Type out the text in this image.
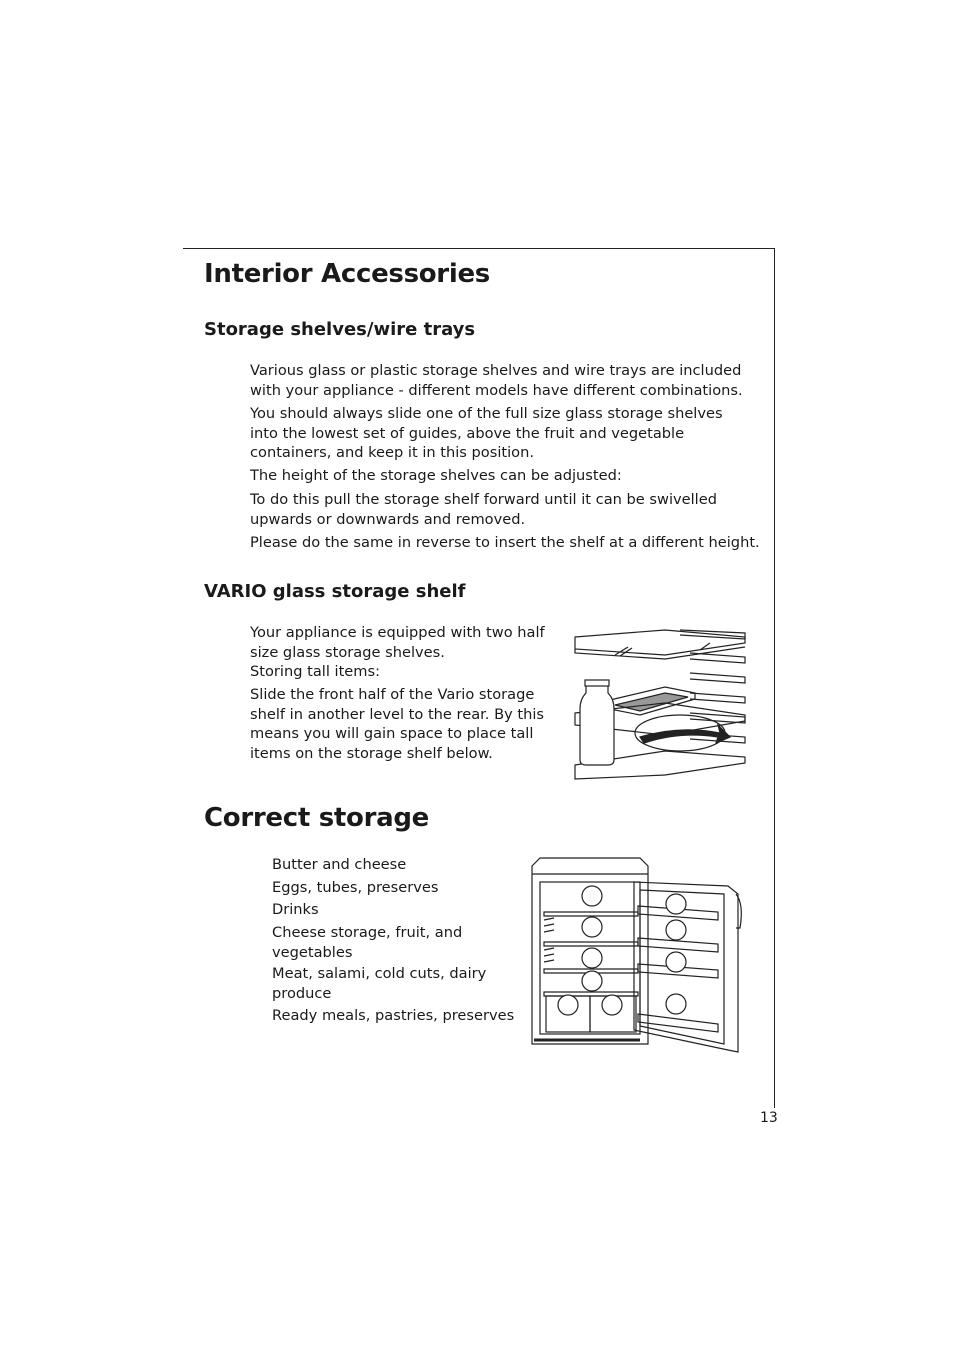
Interior Accessories
Storage shelves/wire trays

Various glass or plastic storage shelves and wire trays are included with your appliance - different models have different combinations.

You should always slide one of the full size glass storage shelves into the lowest set of guides, above the fruit and vegetable containers, and keep it in this position.

The height of the storage shelves can be adjusted:

To do this pull the storage shelf forward until it can be swivelled upwards or downwards and removed.

Please do the same in reverse to insert the shelf at a different height.

VARIO glass storage shelf

Your appliance is equipped with two half size glass storage shelves.

Storing tall items:

Slide the front half of the Vario storage shelf in another level to the rear. By this means you will gain space to place tall items on the storage shelf below.

Correct storage

Butter and cheese

Eggs, tubes, preserves

Drinks

Cheese storage, fruit, and vegetables

Meat, salami, cold cuts, dairy produce

Ready meals, pastries, preserves

13
